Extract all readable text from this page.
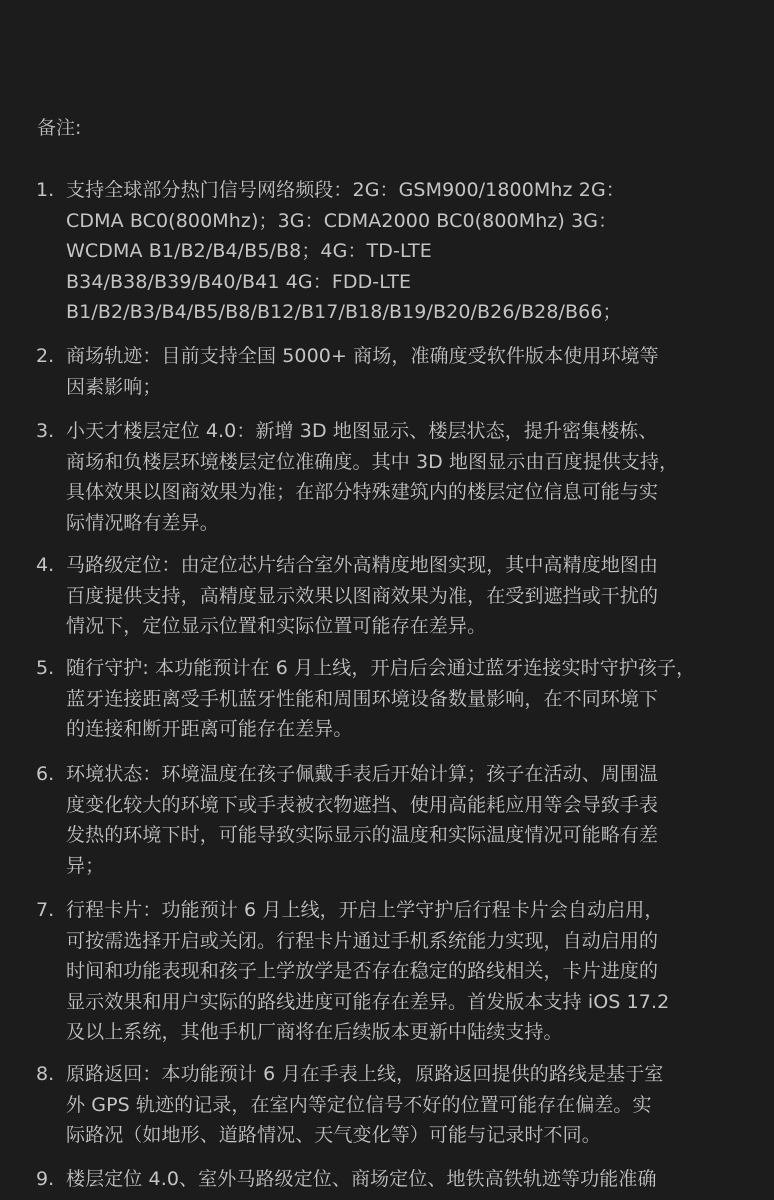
备注:
1. 支持全球部分热门信号网络频段：2G：GSM900/1800Mhz 2G：
CDMA BC0(800Mhz)；3G：CDMA2000 BC0(800Mhz) 3G：
WCDMA B1/B2/B4/B5/B8；4G：TD-LTE
B34/B38/B39/B40/B41 4G：FDD-LTE
B1/B2/B3/B4/B5/B8/B12/B17/B18/B19/B20/B26/B28/B66；
2. 商场轨迹：目前支持全国 5000+ 商场，准确度受软件版本使用环境等
因素影响；
3. 小天才楼层定位 4.0：新增 3D 地图显示、楼层状态，提升密集楼栋、
商场和负楼层环境楼层定位准确度。其中 3D 地图显示由百度提供支持，
具体效果以图商效果为准；在部分特殊建筑内的楼层定位信息可能与实
际情况略有差异。
4. 马路级定位：由定位芯片结合室外高精度地图实现，其中高精度地图由
百度提供支持，高精度显示效果以图商效果为准，在受到遮挡或干扰的
情况下，定位显示位置和实际位置可能存在差异。
5. 随行守护: 本功能预计在 6 月上线，开启后会通过蓝牙连接实时守护孩子，
蓝牙连接距离受手机蓝牙性能和周围环境设备数量影响，在不同环境下
的连接和断开距离可能存在差异。
6. 环境状态：环境温度在孩子佩戴手表后开始计算；孩子在活动、周围温
度变化较大的环境下或手表被衣物遮挡、使用高能耗应用等会导致手表
发热的环境下时，可能导致实际显示的温度和实际温度情况可能略有差
异；
7. 行程卡片：功能预计 6 月上线，开启上学守护后行程卡片会自动启用，
可按需选择开启或关闭。行程卡片通过手机系统能力实现，自动启用的
时间和功能表现和孩子上学放学是否存在稳定的路线相关，卡片进度的
显示效果和用户实际的路线进度可能存在差异。首发版本支持 iOS 17.2
及以上系统，其他手机厂商将在后续版本更新中陆续支持。
8. 原路返回：本功能预计 6 月在手表上线，原路返回提供的路线是基于室
外 GPS 轨迹的记录，在室内等定位信号不好的位置可能存在偏差。实
际路况（如地形、道路情况、天气变化等）可能与记录时不同。
9. 楼层定位 4.0、室外马路级定位、商场定位、地铁高铁轨迹等功能准确
